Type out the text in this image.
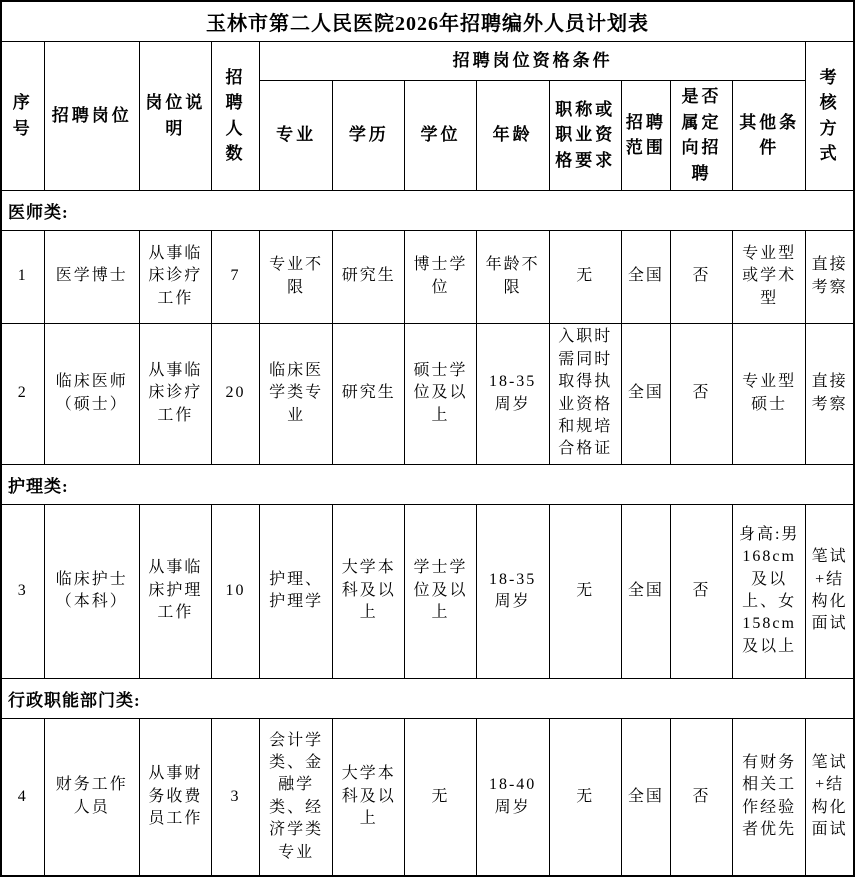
玉林市第二人民医院2026年招聘编外人员计划表												
序号	招聘岗位	岗位说明	招聘人数	招聘岗位资格条件								考核方式
				专业	学历	学位	年龄	职称或职业资格要求	招聘范围	是否属定向招聘	其他条件	
医师类:												
1	医学博士	从事临床诊疗工作	7	专业不限	研究生	博士学位	年龄不限	无	全国	否	专业型或学术型	直接考察
2	临床医师（硕士）	从事临床诊疗工作	20	临床医学类专业	研究生	硕士学位及以上	18-35周岁	入职时需同时取得执业资格和规培合格证	全国	否	专业型硕士	直接考察
护理类:												
3	临床护士（本科）	从事临床护理工作	10	护理、护理学	大学本科及以上	学士学位及以上	18-35周岁	无	全国	否	身高:男168cm及以上、女158cm及以上	笔试+结构化面试
行政职能部门类:												
4	财务工作人员	从事财务收费员工作	3	会计学类、金融学类、经济学类专业	大学本科及以上	无	18-40周岁	无	全国	否	有财务相关工作经验者优先	笔试+结构化面试
